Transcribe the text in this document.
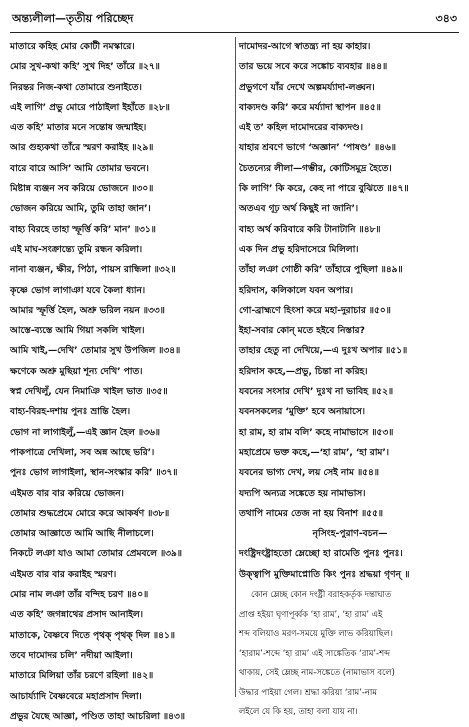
অন্ত্যলীলা—তৃতীয় পরিচ্ছেদ	৩৪৩
মাতারে কহিহ মোর কোটী নমস্কারে।
মোর সুখ-কথা কহি’ সুখ দিহ’ তাঁরে ॥২৭॥
নিরন্তর নিজ-কথা তোমারে শুনাইতে।
এই লাগি’ প্রভু মোরে পাঠাইলা ইহাঁতে ॥২৮॥
এত কহি’ মাতার মনে সন্তোষ জন্মাইহ।
আর গুহ্যকথা তাঁরে স্মরণ করাইহ ॥২৯॥
বারে বারে আসি’ আমি তোমার ভবনে।
মিষ্টান্ন ব্যঞ্জন সব করিয়ে ভোজনে ॥৩০॥
ভোজন করিয়ে আমি, তুমি তাহা জান’।
বাহ্য বিরহে তাহা স্ফূর্ত্তি করি’ মান’ ॥৩১॥
এই মাঘ-সংক্রান্ত্যে তুমি রন্ধন করিলা।
নানা ব্যঞ্জন, ক্ষীর, পিঠা, পায়স রান্ধিলা ॥৩২॥
কৃষ্ণে ভোগ লাগাঞা যবে কৈলা ধ্যান।
আমার স্ফূর্ত্তি হৈল, অশ্রু ভরিল নয়ন ॥৩৩॥
আস্তে-ব্যস্তে আমি গিয়া সকলি খাইল।
আমি খাই,—দেখি’ তোমার সুখ উপজিল ॥৩৪॥
ক্ষণেকে অশ্রু মুছিয়া শূন্য দেখি’ পাত।
স্বপ্ন দেখিলুঁ, যেন নিমাঞি খাইল ভাত ॥৩৫॥
বাহ্য-বিরহ-দশায় পুনঃ ভ্রান্তি হৈল।
ভোগ না লাগাইলুঁ,—এই জ্ঞান হৈল ॥৩৬॥
পাকপাত্রে দেখিলা, সব অন্ন আছে ভরি’।
পুনঃ ভোগ লাগাইলা, স্থান-সংস্কার করি’ ॥৩৭॥
এইমত বার বার করিয়ে ভোজন।
তোমার শুদ্ধপ্রেমে মোরে করে আকর্ষণ ॥৩৮॥
তোমার আজ্ঞাতে আমি আছি নীলাচলে।
নিকটে লঞা যাও আমা তোমার প্রেমবলে ॥৩৯॥
এইমত বার বার করাইহ স্মরণ।
মোর নাম লঞা তাঁর বন্দিহ চরণ ॥৪০॥
এত কহি’ জগন্নাথের প্রসাদ আনাইল।
মাতাকে, বৈষ্ণবে দিতে পৃথক্ পৃথক্ দিল ॥৪১॥
তবে দামোদর চলি’ নদীয়া আইলা।
মাতারে মিলিয়া তাঁর চরণে রহিলা ॥৪২॥
আচার্য্যাদি বৈষ্ণবেরে মহাপ্রসাদ দিলা।
প্রভুর যৈছে আজ্ঞা, পণ্ডিত তাহা আচরিলা ॥৪৩॥
দামোদর-আগে স্বাতন্ত্র্য না হয় কাহার।
তার ভয়ে সবে করে সঙ্কোচ ব্যবহার ॥৪৪॥
প্রভুগণে যাঁর দেখে অল্পমর্য্যাদা-লঙ্ঘন।
বাক্যদণ্ড করি’ করে মর্য্যাদা স্থাপন ॥৪৫॥
এই ত’ কহিল দামোদরের বাক্যদণ্ড।
যাহার শ্রবণে ভাগে ‘অজ্ঞান’ ‘পাষণ্ড’ ॥৪৬॥
চৈতন্যের লীলা—গম্ভীর, কোটিসমুদ্র হৈতে।
কি লাগি’ কি করে, কেহ না পারে বুঝিতে ॥৪৭॥
অতএব গূঢ় অর্থ কিছুই না জানি’।
বাহ্য অর্থ করিবারে করি টানাটানি ॥৪৮॥
এক দিন প্রভু হরিদাসেরে মিলিলা।
তাঁহা লঞা গোষ্ঠী করি’ তাঁহারে পুছিলা ॥৪৯॥
হরিদাস, কলিকালে যবন অপার।
গো-ব্রাহ্মণে হিংসা করে মহা-দুরাচার ॥৫০॥
ইহা-সবার কোন্ মতে হইবে নিস্তার?
তাহার হেতু না দেখিয়ে,—এ দুঃখ অপার ॥৫১॥
হরিদাস কহে,—প্রভু, চিন্তা না করিহ।
যবনের সংসার দেখি’ দুঃখ না ভাবিহ ॥৫২॥
যবনসকলের ‘মুক্তি’ হবে অনায়াসে।
হা রাম, হা রাম বলি’ কহে নামাভাসে ॥৫৩॥
মহাপ্রেমে ভক্ত কহে,—‘হা রাম’, ‘হা রাম’।
যবনের ভাগ্য দেখ, লয় সেই নাম ॥৫৪॥
যদ্যপি অন্যত্র সঙ্কেতে হয় নামাভাস।
তথাপি নামের তেজ না হয় বিনাশ ॥৫৫॥
নৃসিংহ-পুরাণ-বচন—
দংষ্ট্রিদংষ্ট্রাহতো ম্লেচ্ছো হা রামেতি পুনঃ পুনঃ।
উক্ত্বাপি মুক্তিমাপ্নোতি কিং পুনঃ শ্রদ্ধয়া গৃণন্ ॥
কোন ম্লেচ্ছ কোন দংষ্ট্রী বরাহকর্তৃক দন্তাঘাত
প্রাপ্ত হইয়া ঘৃণাপূর্ব্বক ‘হা রাম’, ‘হা রাম’ এই
শব্দ বলিয়াও মরণ-সময়ে মুক্তি লাভ করিয়াছিল।
‘হারাম’-শব্দে ‘হা রাম’ এই সাঙ্কেতিক ‘রাম’-শব্দ
থাকায়, সেই ম্লেচ্ছ নাম-সঙ্কেতে (নামাভাস বলে)
উদ্ধার পাইয়া গেল। শ্রদ্ধা করিয়া ‘রাম’-নাম
লইলে যে কি হয়, তাহা বলা যায় না।
